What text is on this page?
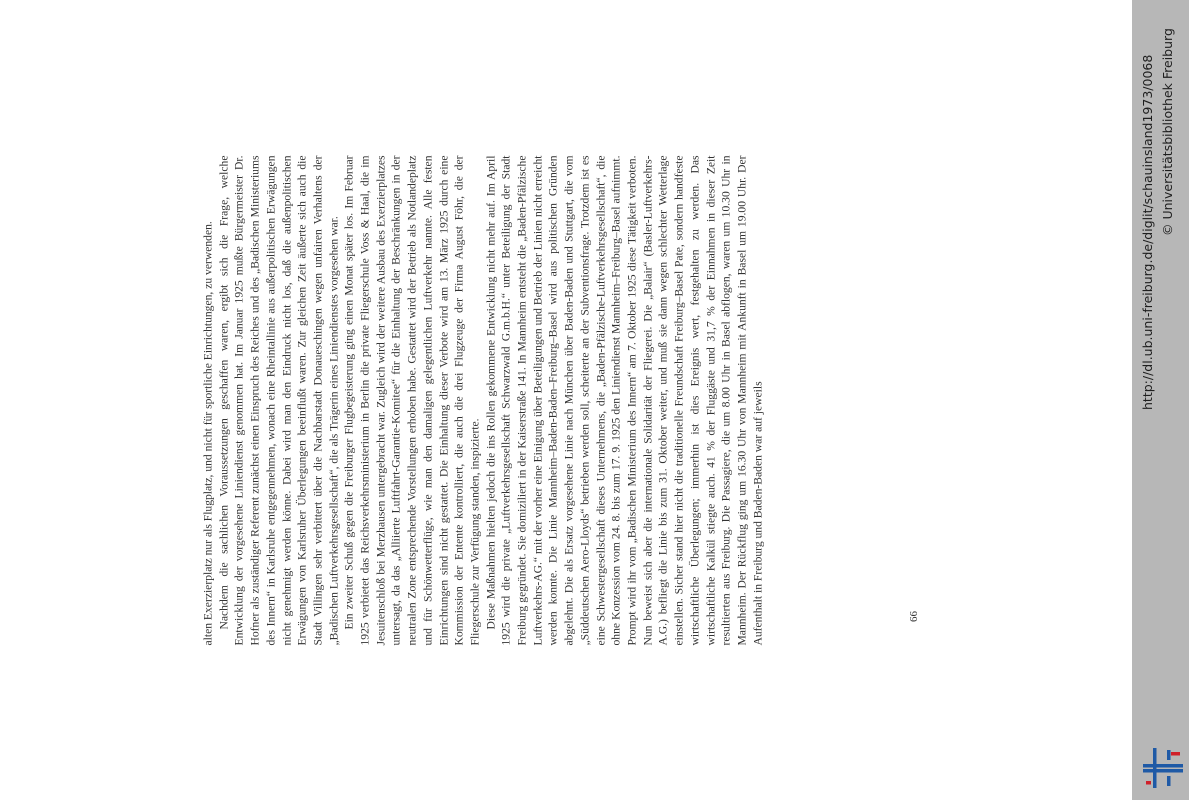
alten Exerzierplatz nur als Flugplatz, und nicht für sportliche Einrichtungen, zu verwenden. Nachdem die sachlichen Voraussetzungen geschaffen waren, ergibt sich die Frage, welche Entwicklung der vorgesehene Liniendienst genommen hat. Im Januar 1925 mußte Bürgermeister Dr. Hofner als zuständiger Referent zunächst einen Einspruch des Reiches und des „Badischen Ministeriums des Innern“ in Karlsruhe entgegennehmen, wonach eine Rheintallinie aus außerpolitischen Erwägungen nicht genehmigt werden könne. Dabei wird man den Eindruck nicht los, daß die außenpolitischen Erwägungen von Karlsruher Überlegungen beeinflußt waren. Zur gleichen Zeit äußerte sich auch die Stadt Villingen sehr verbittert über die Nachbarstadt Donaueschingen wegen unfairen Verhaltens der „Badischen Luftverkehrsgesellschaft“, die als Trägerin eines Liniendienstes vorgesehen war. Ein zweiter Schuß gegen die Freiburger Flugbegeisterung ging einen Monat später los. Im Februar 1925 verbietet das Reichsverkehrsministerium in Berlin die private Fliegerschule Voss & Haal, die im Jesuitenschloß bei Merzhausen untergebracht war. Zugleich wird der weitere Ausbau des Exerzierplatzes untersagt, da das „Alliierte Luftfahrt-Garantie-Komitee“ für die Einhaltung der Beschränkungen in der neutralen Zone entsprechende Vorstellungen erhoben habe. Gestattet wird der Betrieb als Notlandeplatz und für Schönwetterflüge, wie man den damaligen gelegentlichen Luftverkehr nannte. Alle festen Einrichtungen sind nicht gestattet. Die Einhaltung dieser Verbote wird am 13. März 1925 durch eine Kommission der Entente kontrolliert, die auch die drei Flugzeuge der Firma August Föhr, die der Fliegerschule zur Verfügung standen, inspizierte. Diese Maßnahmen hielten jedoch die ins Rollen gekommene Entwicklung nicht mehr auf. Im April 1925 wird die private „Luftverkehrsgesellschaft Schwarzwald G.m.b.H.“ unter Beteiligung der Stadt Freiburg gegründet. Sie domiziliert in der Kaiserstraße 141. In Mannheim entsteht die „Baden-Pfälzische Luftverkehrs-AG.“ mit der vorher eine Einigung über Beteiligungen und Betrieb der Linien nicht erreicht werden konnte. Die Linie Mannheim–Baden-Baden–Freiburg–Basel wird aus politischen Gründen abgelehnt. Die als Ersatz vorgesehene Linie nach München über Baden-Baden und Stuttgart, die vom „Süddeutschen Aero-Lloyds“ betrieben werden soll, scheiterte an der Subventionsfrage. Trotzdem ist es eine Schwestergesellschaft dieses Unternehmens, die „Baden-Pfälzische-Luftverkehrsgesellschaft“, die ohne Konzession vom 24. 8. bis zum 17. 9. 1925 den Liniendienst Mannheim–Freiburg–Basel aufnimmt. Prompt wird ihr vom „Badischen Ministerium des Innern“ am 7. Oktober 1925 diese Tätigkeit verboten. Nun beweist sich aber die internationale Solidarität der Fliegerei. Die „Balair“ (Basler-Luftverkehrs-A.G.) befliegt die Linie bis zum 31. Oktober weiter, und muß sie dann wegen schlechter Wetterlage einstellen. Sicher stand hier nicht die traditionelle Freundschaft Freiburg–Basel Pate, sondern handfeste wirtschaftliche Überlegungen; immerhin ist dies Ereignis wert, festgehalten zu werden. Das wirtschaftliche Kalkül stiegte auch. 41 % der Fluggäste und 31,7 % der Einnahmen in dieser Zeit resultierten aus Freiburg. Die Passagiere, die um 8.00 Uhr in Basel abflogen, waren um 10.30 Uhr in Mannheim. Der Rückflug ging um 16.30 Uhr von Mannheim mit Ankunft in Basel um 19.00 Uhr. Der Aufenthalt in Freiburg und Baden-Baden war auf jeweils	66
http://dl.ub.uni-freiburg.de/diglit/schauinsland1973/0068 © Universitätsbibliothek Freiburg
